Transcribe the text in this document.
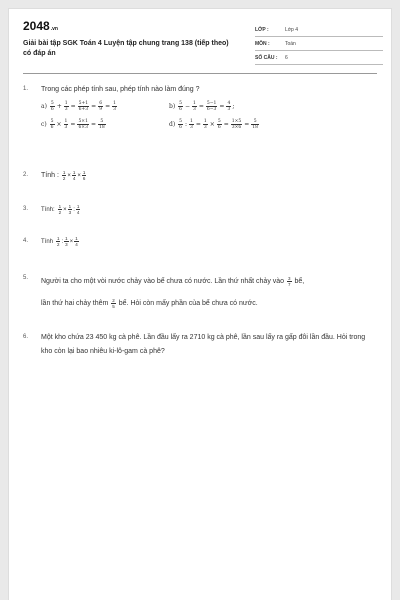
2048.vn
Giải bài tập SGK Toán 4 Luyện tập chung trang 138 (tiếp theo) có đáp án
LỚP :	Lớp 4
MÔN :	Toán
SỐ CÂU : 6
1. Trong các phép tính sau, phép tính nào làm đúng ?
$a) \frac{5}{6} + \frac{1}{3} = \frac{5+1}{6+3} = \frac{6}{9} = \frac{1}{3}$	$b) \frac{5}{6} - \frac{1}{3} = \frac{5-1}{6-3} = \frac{4}{3}$ ;
$c) \frac{5}{6} \times \frac{1}{3} = \frac{5\times 1}{6\times 3} = \frac{5}{18}$	$d) \frac{5}{6}$ : $\frac{1}{3} = \frac{1}{3} \times \frac{5}{6} = \frac{1\times 5}{3\times 6} = \frac{5}{18}$
2. Tính : $\frac{1}{2} \times \frac{1}{4} \times \frac{1}{6}$
3. Tính: $\frac{1}{2} \times \frac{1}{3}$ : $\frac{1}{4}$
4. Tính $\frac{1}{2}$ : $\frac{1}{3} \times \frac{1}{4}$
5. Người ta cho một vòi nước chảy vào bể chưa có nước. Lần thứ nhất chảy vào $\frac{3}{7}$ bể,
lần thứ hai chảy thêm $\frac{2}{5}$ bể. Hỏi còn mấy phần của bể chưa có nước.
6. Một kho chứa 23 450 kg cà phê. Lần đầu lấy ra 2710 kg cà phê, lần sau lấy ra gấp đôi lần đầu. Hỏi trong kho còn lại bao nhiêu ki-lô-gam cà phê?
